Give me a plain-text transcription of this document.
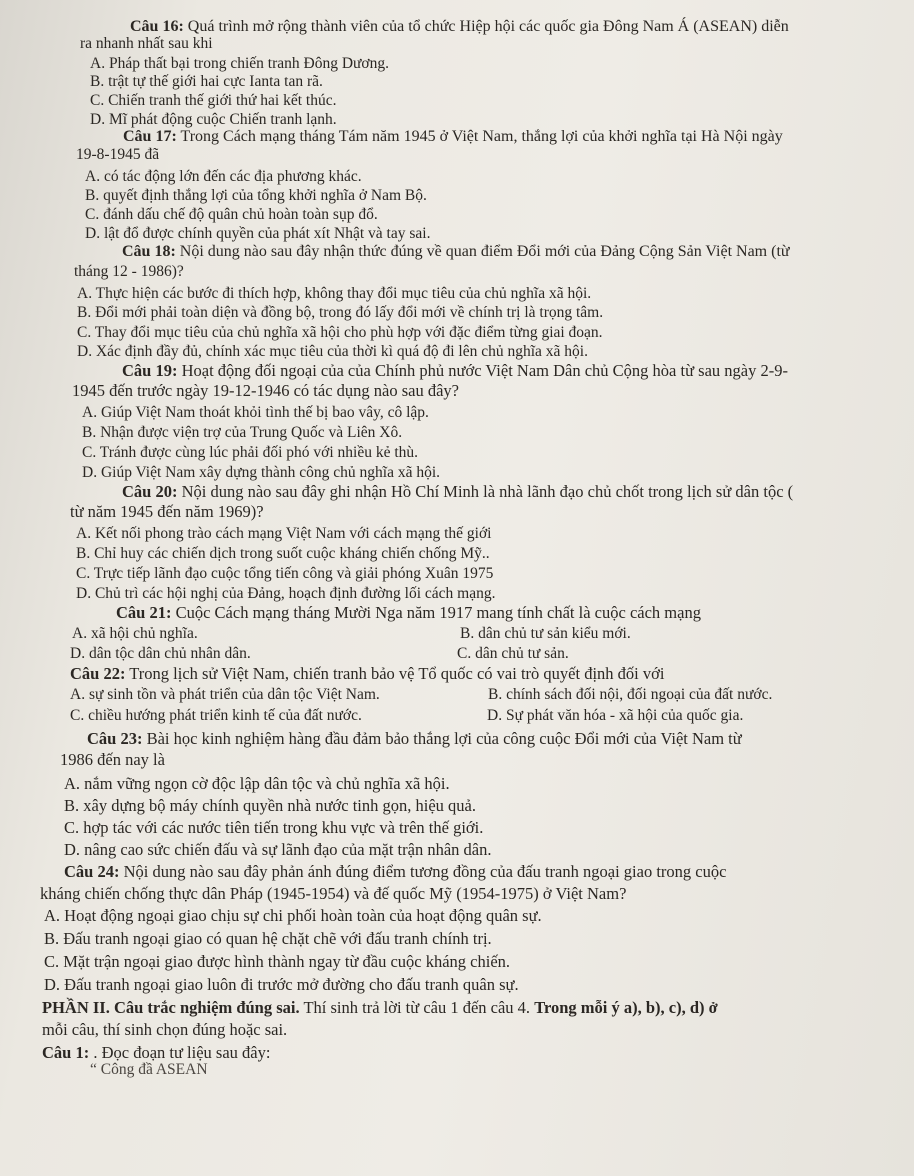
Câu 16: Quá trình mở rộng thành viên của tổ chức Hiệp hội các quốc gia Đông Nam Á (ASEAN) diễn
ra nhanh nhất sau khi
A. Pháp thất bại trong chiến tranh Đông Dương.
B. trật tự thế giới hai cực Ianta tan rã.
C. Chiến tranh thế giới thứ hai kết thúc.
D. Mĩ phát động cuộc Chiến tranh lạnh.
Câu 17: Trong Cách mạng tháng Tám năm 1945 ở Việt Nam, thắng lợi của khởi nghĩa tại Hà Nội ngày
19-8-1945 đã
A. có tác động lớn đến các địa phương khác.
B. quyết định thắng lợi của tổng khởi nghĩa ở Nam Bộ.
C. đánh dấu chế độ quân chủ hoàn toàn sụp đổ.
D. lật đổ được chính quyền của phát xít Nhật và tay sai.
Câu 18: Nội dung nào sau đây nhận thức đúng về quan điểm Đổi mới của Đảng Cộng Sản Việt Nam (từ
tháng 12 - 1986)?
A. Thực hiện các bước đi thích hợp, không thay đổi mục tiêu của chủ nghĩa xã hội.
B. Đổi mới phải toàn diện và đồng bộ, trong đó lấy đổi mới về chính trị là trọng tâm.
C. Thay đổi mục tiêu của chủ nghĩa xã hội cho phù hợp với đặc điểm từng giai đoạn.
D. Xác định đầy đủ, chính xác mục tiêu của thời kì quá độ đi lên chủ nghĩa xã hội.
Câu 19: Hoạt động đối ngoại của của Chính phủ nước Việt Nam Dân chủ Cộng hòa từ sau ngày 2-9-
1945 đến trước ngày 19-12-1946 có tác dụng nào sau đây?
A. Giúp Việt Nam thoát khỏi tình thế bị bao vây, cô lập.
B. Nhận được viện trợ của Trung Quốc và Liên Xô.
C. Tránh được cùng lúc phải đối phó với nhiều kẻ thù.
D. Giúp Việt Nam xây dựng thành công chủ nghĩa xã hội.
Câu 20: Nội dung nào sau đây ghi nhận Hồ Chí Minh là nhà lãnh đạo chủ chốt trong lịch sử dân tộc (
từ năm 1945 đến năm 1969)?
A. Kết nối phong trào cách mạng Việt Nam với cách mạng thế giới
B. Chỉ huy các chiến dịch trong suốt cuộc kháng chiến chống Mỹ..
C. Trực tiếp lãnh đạo cuộc tổng tiến công và giải phóng Xuân 1975
D. Chủ trì các hội nghị của Đảng, hoạch định đường lối cách mạng.
Câu 21: Cuộc Cách mạng tháng Mười Nga năm 1917 mang tính chất là cuộc cách mạng
A. xã hội chủ nghĩa.	B. dân chủ tư sản kiểu mới.
D. dân tộc dân chủ nhân dân.	C. dân chủ tư sản.
Câu 22: Trong lịch sử Việt Nam, chiến tranh bảo vệ Tổ quốc có vai trò quyết định đối với
A. sự sinh tồn và phát triển của dân tộc Việt Nam.	B. chính sách đối nội, đối ngoại của đất nước.
C. chiều hướng phát triển kinh tế của đất nước.	D. Sự phát văn hóa - xã hội của quốc gia.
Câu 23: Bài học kinh nghiệm hàng đầu đảm bảo thắng lợi của công cuộc Đổi mới của Việt Nam từ
1986 đến nay là
A. nắm vững ngọn cờ độc lập dân tộc và chủ nghĩa xã hội.
B. xây dựng bộ máy chính quyền nhà nước tinh gọn, hiệu quả.
C. hợp tác với các nước tiên tiến trong khu vực và trên thế giới.
D. nâng cao sức chiến đấu và sự lãnh đạo của mặt trận nhân dân.
Câu 24: Nội dung nào sau đây phản ánh đúng điểm tương đồng của đấu tranh ngoại giao trong cuộc
kháng chiến chống thực dân Pháp (1945-1954) và đế quốc Mỹ (1954-1975) ở Việt Nam?
A. Hoạt động ngoại giao chịu sự chi phối hoàn toàn của hoạt động quân sự.
B. Đấu tranh ngoại giao có quan hệ chặt chẽ với đấu tranh chính trị.
C. Mặt trận ngoại giao được hình thành ngay từ đầu cuộc kháng chiến.
D. Đấu tranh ngoại giao luôn đi trước mở đường cho đấu tranh quân sự.
PHẦN II. Câu trắc nghiệm đúng sai. Thí sinh trả lời từ câu 1 đến câu 4. Trong mỗi ý a), b), c), d) ở
mỗi câu, thí sinh chọn đúng hoặc sai.
Câu 1: . Đọc đoạn tư liệu sau đây:
“ Công đầ ASEAN
